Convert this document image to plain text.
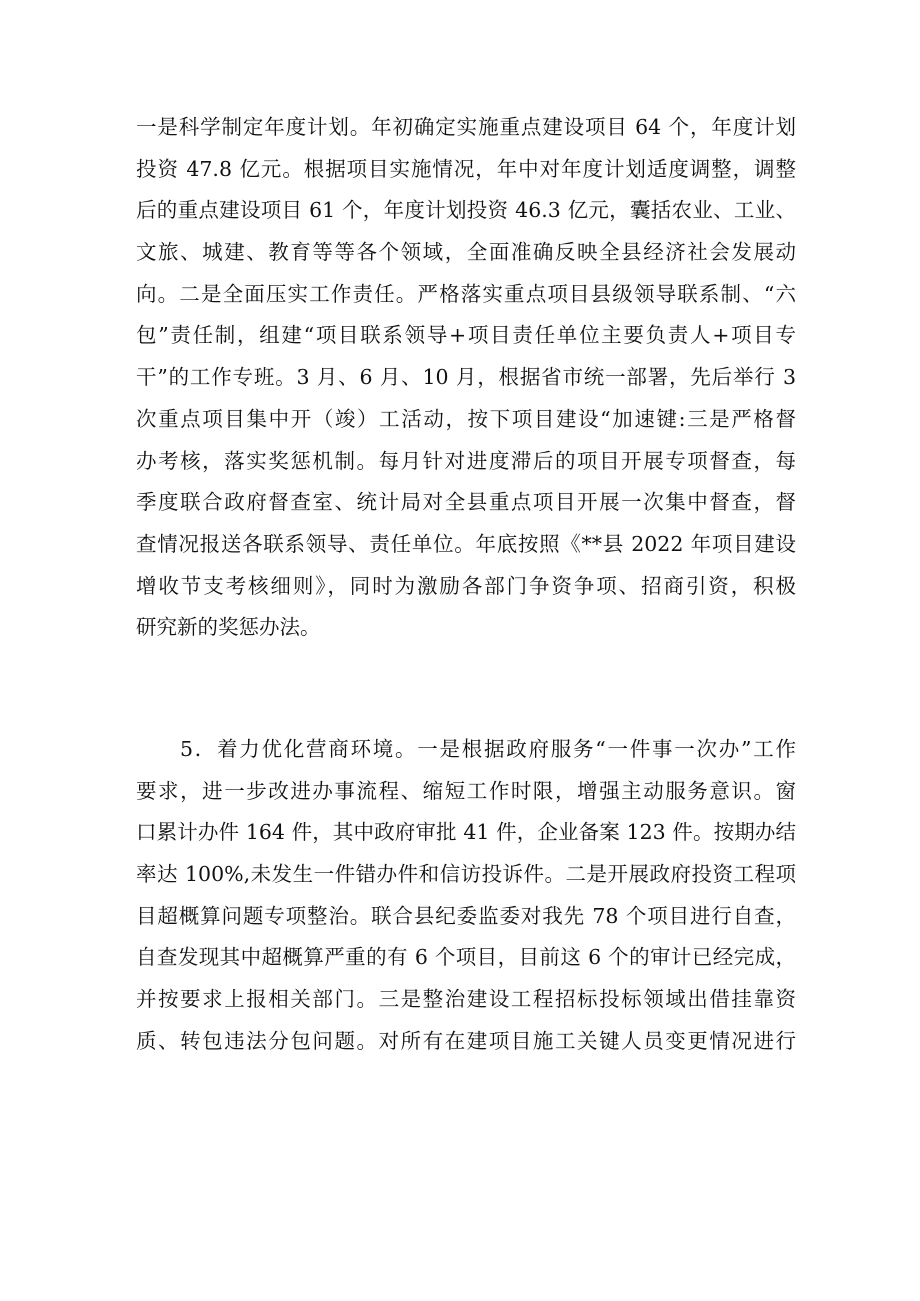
一是科学制定年度计划。年初确定实施重点建设项目 64 个，年度计划
投资 47.8 亿元。根据项目实施情况，年中对年度计划适度调整，调整
后的重点建设项目 61 个，年度计划投资 46.3 亿元，囊括农业、工业、
文旅、城建、教育等等各个领域，全面准确反映全县经济社会发展动
向。二是全面压实工作责任。严格落实重点项目县级领导联系制、“六
包”责任制，组建“项目联系领导+项目责任单位主要负责人+项目专
干”的工作专班。3 月、6 月、10 月，根据省市统一部署，先后举行 3
次重点项目集中开（竣）工活动，按下项目建设“加速键:三是严格督
办考核，落实奖惩机制。每月针对进度滞后的项目开展专项督查，每
季度联合政府督查室、统计局对全县重点项目开展一次集中督查，督
查情况报送各联系领导、责任单位。年底按照《**县 2022 年项目建设
增收节支考核细则》，同时为激励各部门争资争项、招商引资，积极
研究新的奖惩办法。
5．着力优化营商环境。一是根据政府服务“一件事一次办”工作
要求，进一步改进办事流程、缩短工作时限，增强主动服务意识。窗
口累计办件 164 件，其中政府审批 41 件，企业备案 123 件。按期办结
率达 100%,未发生一件错办件和信访投诉件。二是开展政府投资工程项
目超概算问题专项整治。联合县纪委监委对我先 78 个项目进行自查，
自查发现其中超概算严重的有 6 个项目，目前这 6 个的审计已经完成，
并按要求上报相关部门。三是整治建设工程招标投标领域出借挂靠资
质、转包违法分包问题。对所有在建项目施工关键人员变更情况进行
